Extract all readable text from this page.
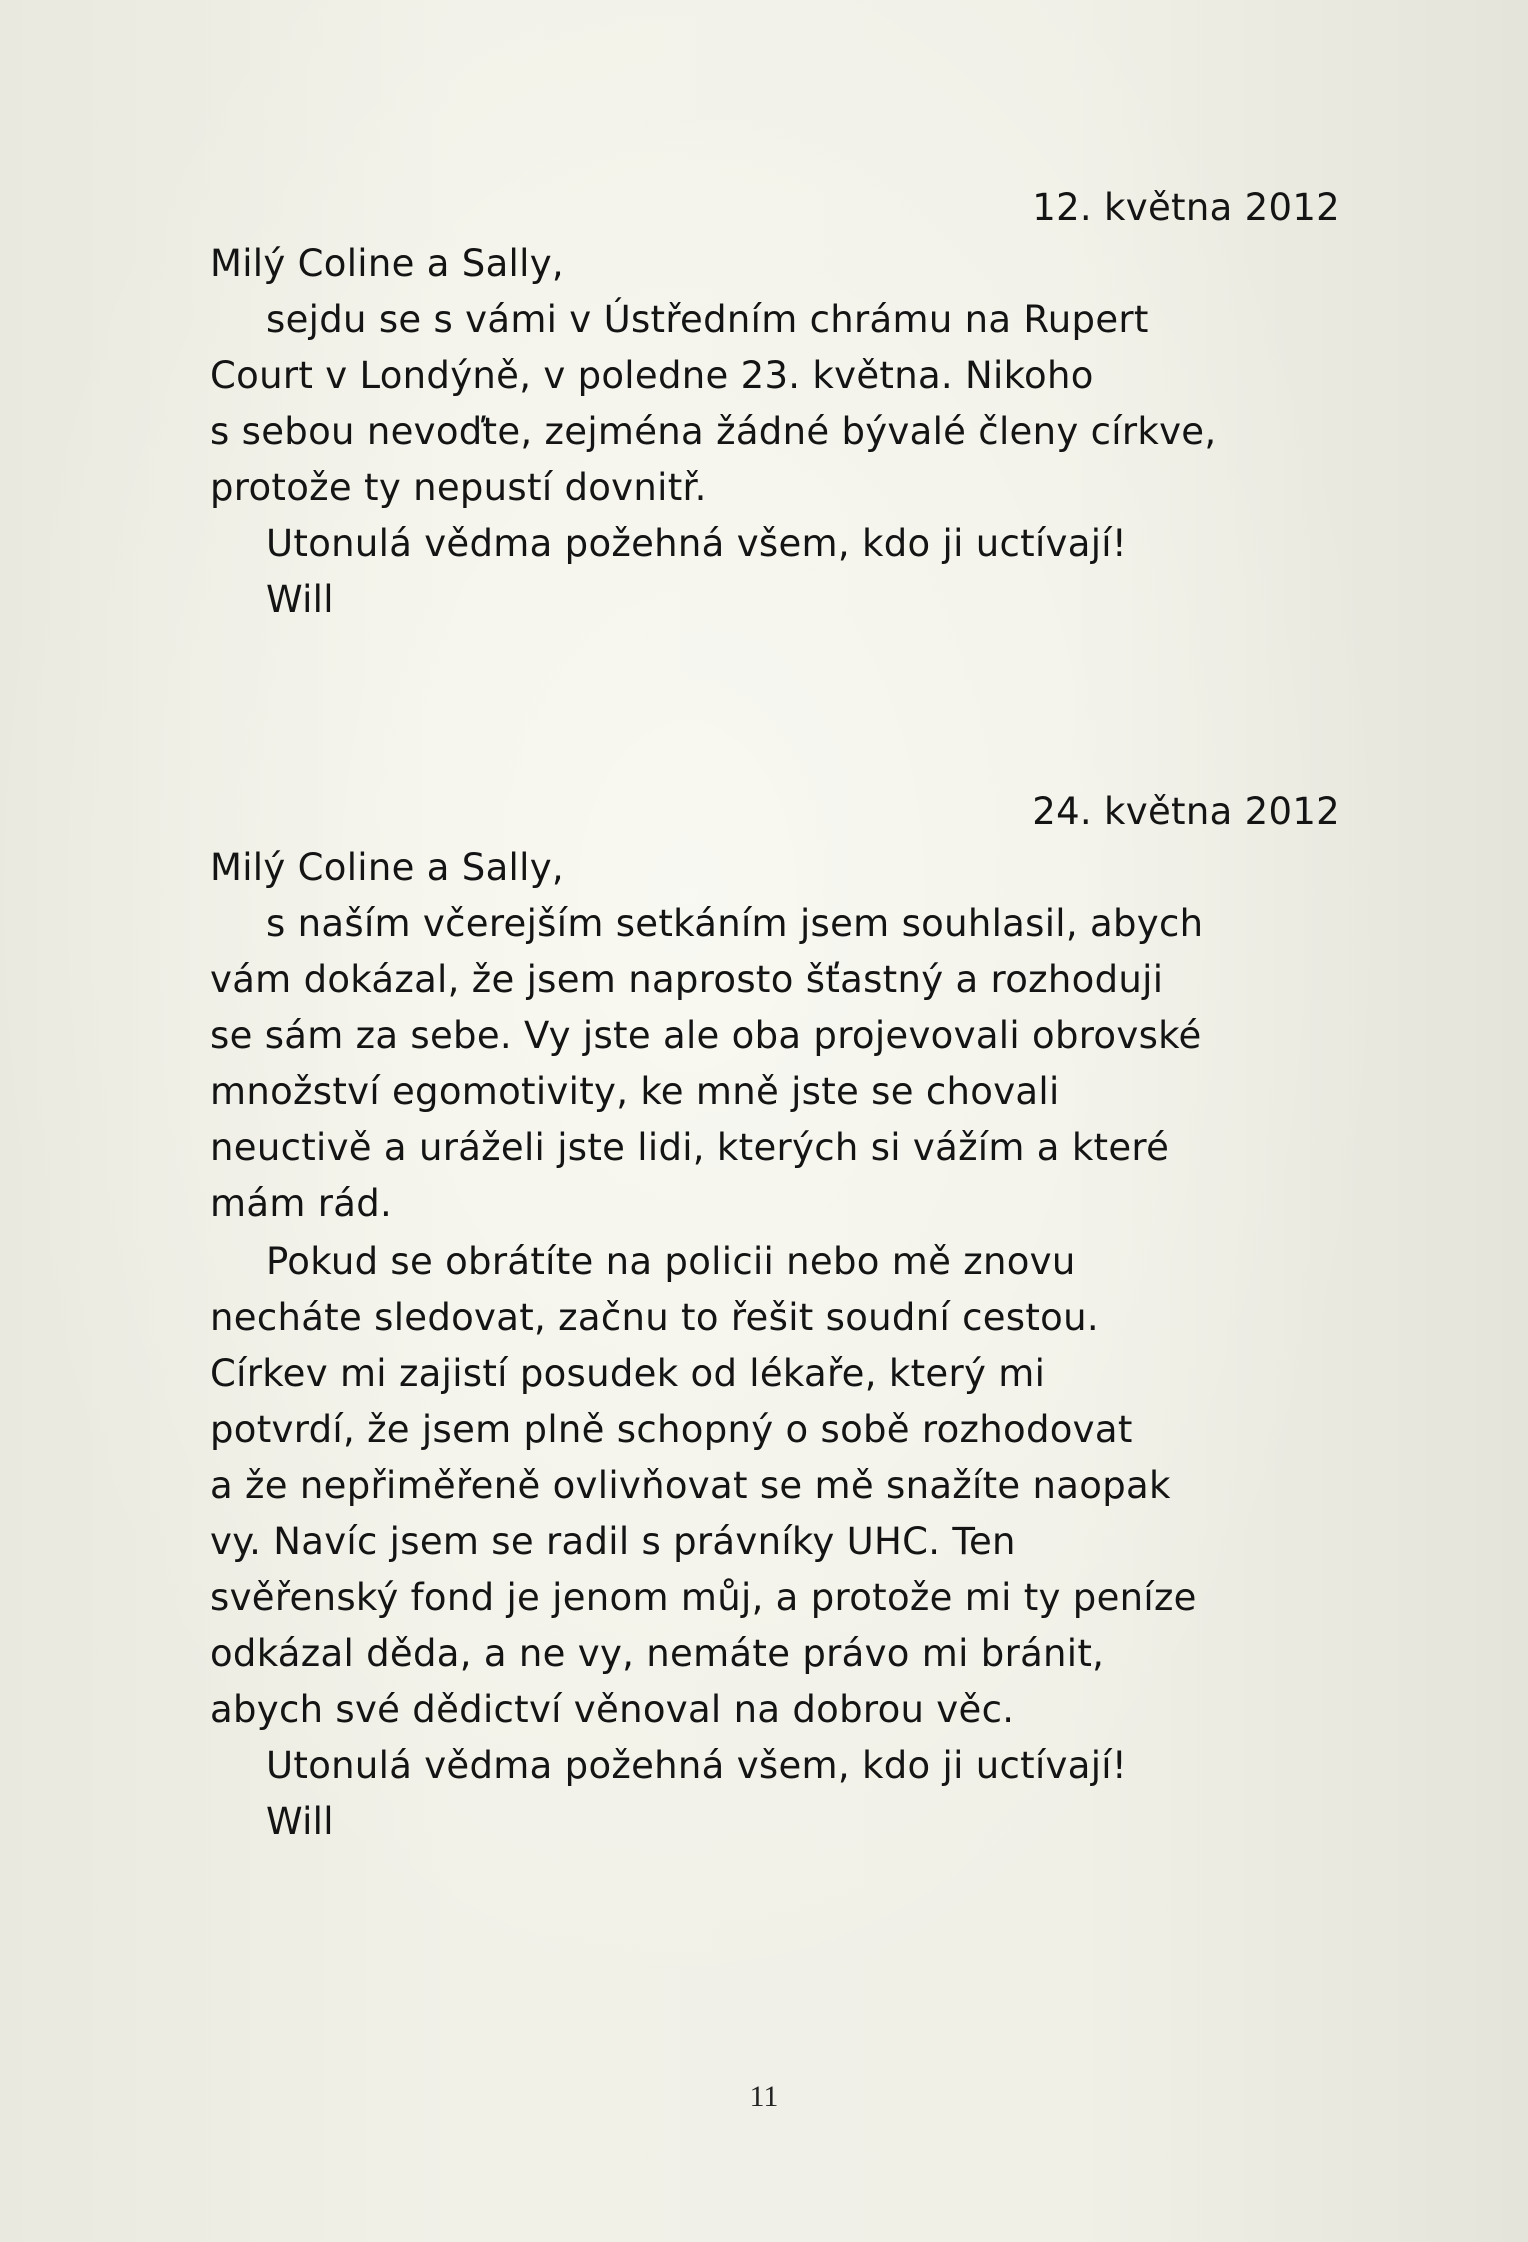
12. května 2012
Milý Coline a Sally,
sejdu se s vámi v Ústředním chrámu na Rupert
Court v Londýně, v poledne 23. května. Nikoho
s sebou nevoďte, zejména žádné bývalé členy církve,
protože ty nepustí dovnitř.
Utonulá vědma požehná všem, kdo ji uctívají!
Will
24. května 2012
Milý Coline a Sally,
s naším včerejším setkáním jsem souhlasil, abych
vám dokázal, že jsem naprosto šťastný a rozhoduji
se sám za sebe. Vy jste ale oba projevovali obrovské
množství egomotivity, ke mně jste se chovali
neuctivě a uráželi jste lidi, kterých si vážím a které
mám rád.
Pokud se obrátíte na policii nebo mě znovu
necháte sledovat, začnu to řešit soudní cestou.
Církev mi zajistí posudek od lékaře, který mi
potvrdí, že jsem plně schopný o sobě rozhodovat
a že nepřiměřeně ovlivňovat se mě snažíte naopak
vy. Navíc jsem se radil s právníky UHC. Ten
svěřenský fond je jenom můj, a protože mi ty peníze
odkázal děda, a ne vy, nemáte právo mi bránit,
abych své dědictví věnoval na dobrou věc.
Utonulá vědma požehná všem, kdo ji uctívají!
Will
11
